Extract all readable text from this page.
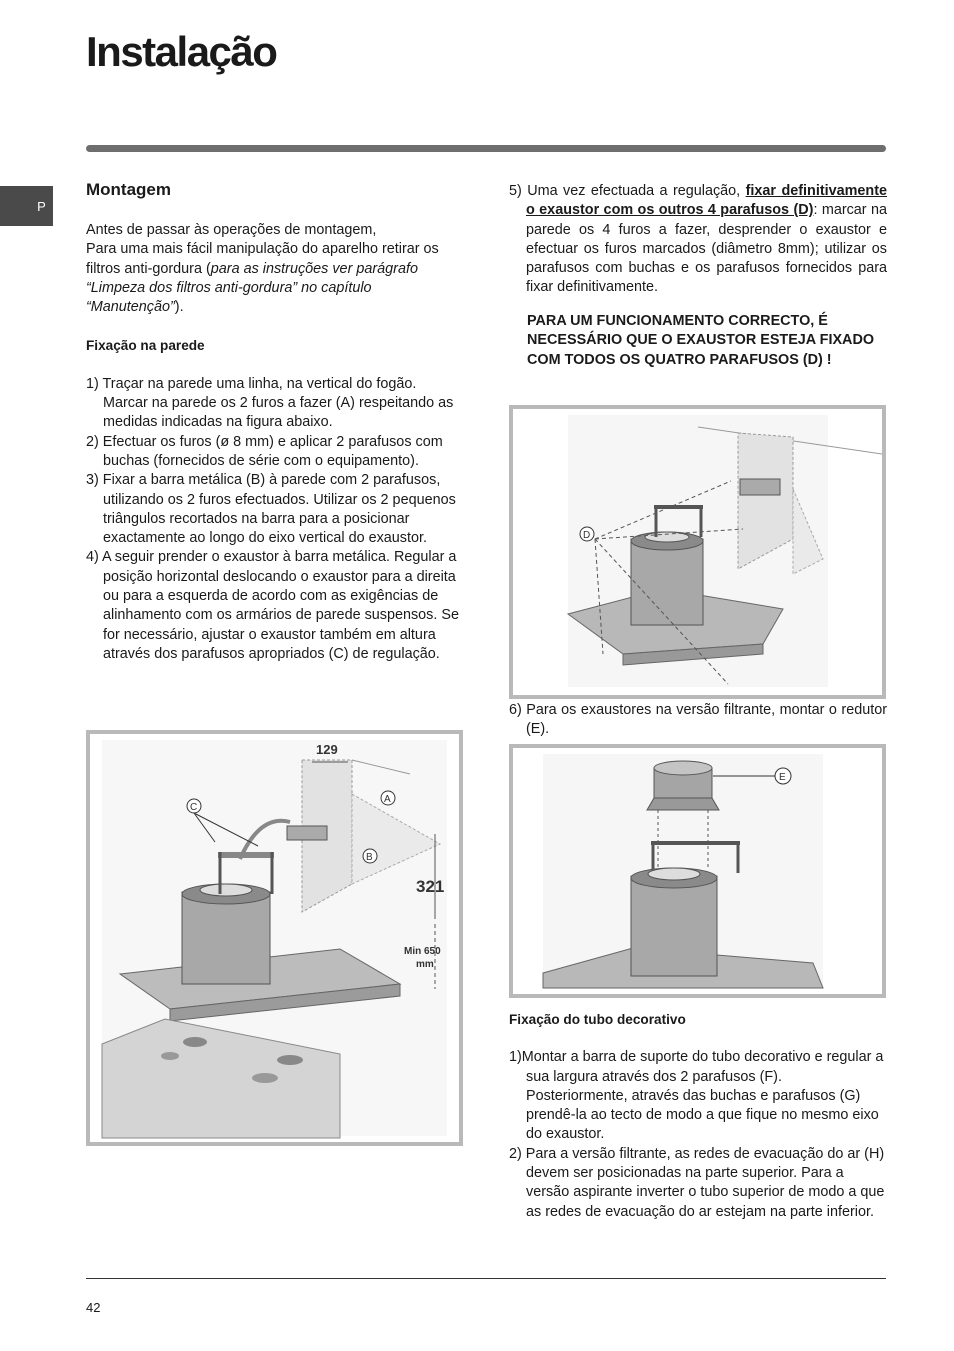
Instalação
P
Montagem

Antes de passar às operações de montagem,

Para uma mais fácil manipulação do aparelho retirar os filtros anti-gordura (para as instruções ver parágrafo “Limpeza dos filtros anti-gordura” no capítulo “Manutenção”).

Fixação na parede

1) Traçar na parede uma linha, na vertical do fogão. Marcar na parede os 2 furos a fazer (A) respeitando as medidas indicadas na figura abaixo.
2) Efectuar os furos (ø 8 mm) e aplicar 2 parafusos com buchas (fornecidos de série com o equipamento).
3) Fixar a barra metálica (B) à parede com 2 parafusos, utilizando os 2 furos efectuados. Utilizar os 2 pequenos triângulos recortados na barra para a posicionar exactamente ao longo do eixo vertical do exaustor.
4) A seguir prender o exaustor à barra metálica. Regular a posição horizontal deslocando o exaustor para a direita ou para a esquerda de acordo com as exigências de alinhamento com os armários de parede suspensos. Se for necessário, ajustar o exaustor também em altura através dos parafusos apropriados (C) de regulação.
129
321
Min 650
mm
A
B
C
5) Uma vez efectuada a regulação, fixar definitivamente o exaustor com os outros 4 parafusos (D): marcar na parede os 4 furos a fazer, desprender o exaustor e efectuar os furos marcados (diâmetro 8mm); utilizar os parafusos com buchas e os parafusos fornecidos para fixar definitivamente.

PARA UM FUNCIONAMENTO CORRECTO, É NECESSÁRIO QUE O EXAUSTOR ESTEJA FIXADO COM TODOS OS QUATRO PARAFUSOS (D) !

D
6) Para os exaustores na versão filtrante, montar o redutor (E).
E

Fixação do tubo decorativo

1)Montar a barra de suporte do tubo decorativo e regular a sua largura através dos 2 parafusos (F). Posteriormente, através das buchas e parafusos (G) prendê-la ao tecto de modo a que fique no mesmo eixo do exaustor.
2) Para a versão filtrante, as redes de evacuação do ar (H) devem ser posicionadas na parte superior. Para a versão aspirante inverter o tubo superior de modo a que as redes de evacuação do ar estejam na parte inferior.
42
